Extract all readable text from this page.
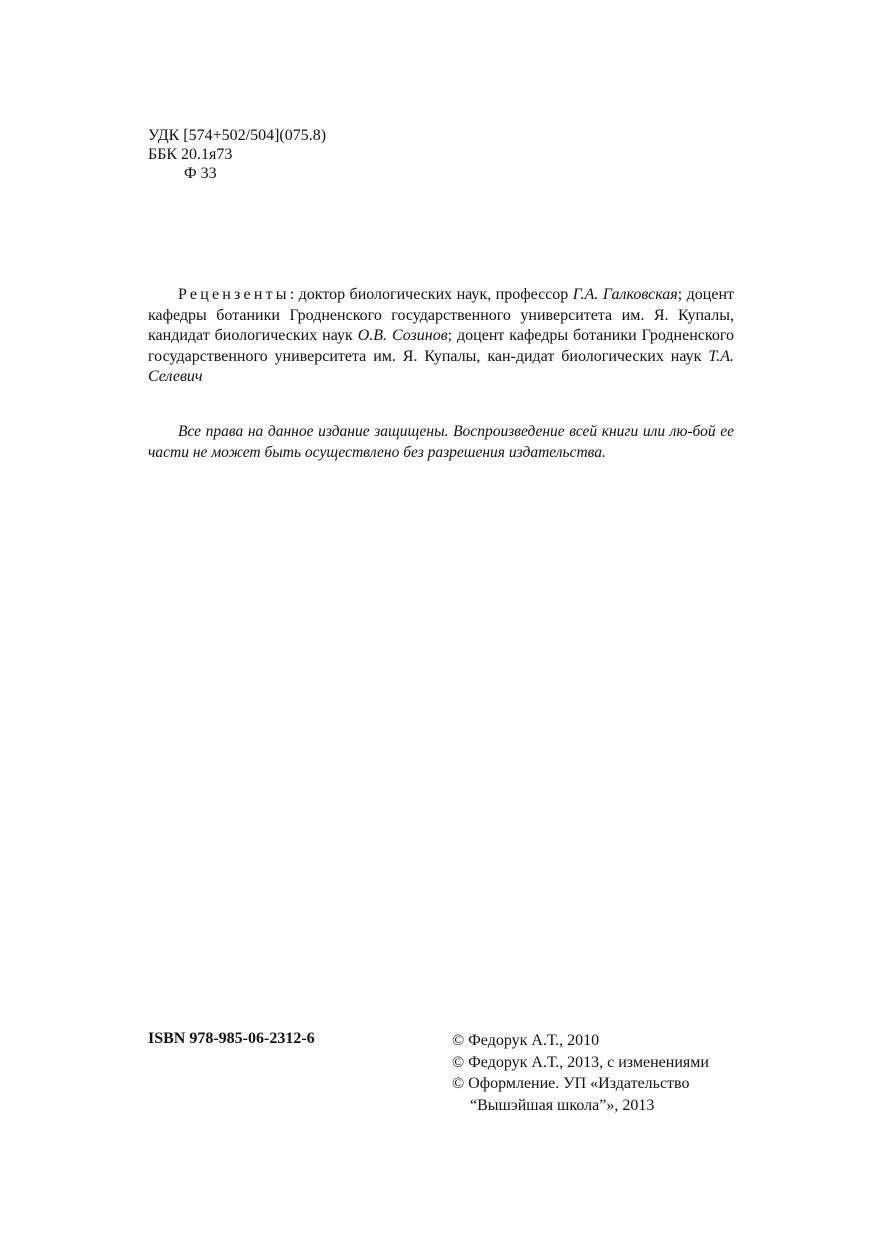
УДК [574+502/504](075.8)
ББК 20.1я73
Ф 33

Рецензенты: доктор биологических наук, профессор Г.А. Галковская; доцент кафедры ботаники Гродненского государственного университета им. Я. Купалы, кандидат биологических наук О.В. Созинов; доцент кафедры ботаники Гродненского государственного университета им. Я. Купалы, кан-дидат биологических наук Т.А. Селевич

Все права на данное издание защищены. Воспроизведение всей книги или лю-бой ее части не может быть осуществлено без разрешения издательства.

ISBN 978-985-06-2312-6	© Федорук А.Т., 2010
© Федорук А.Т., 2013, с изменениями
© Оформление. УП «Издательство
“Вышэйшая школа”», 2013
